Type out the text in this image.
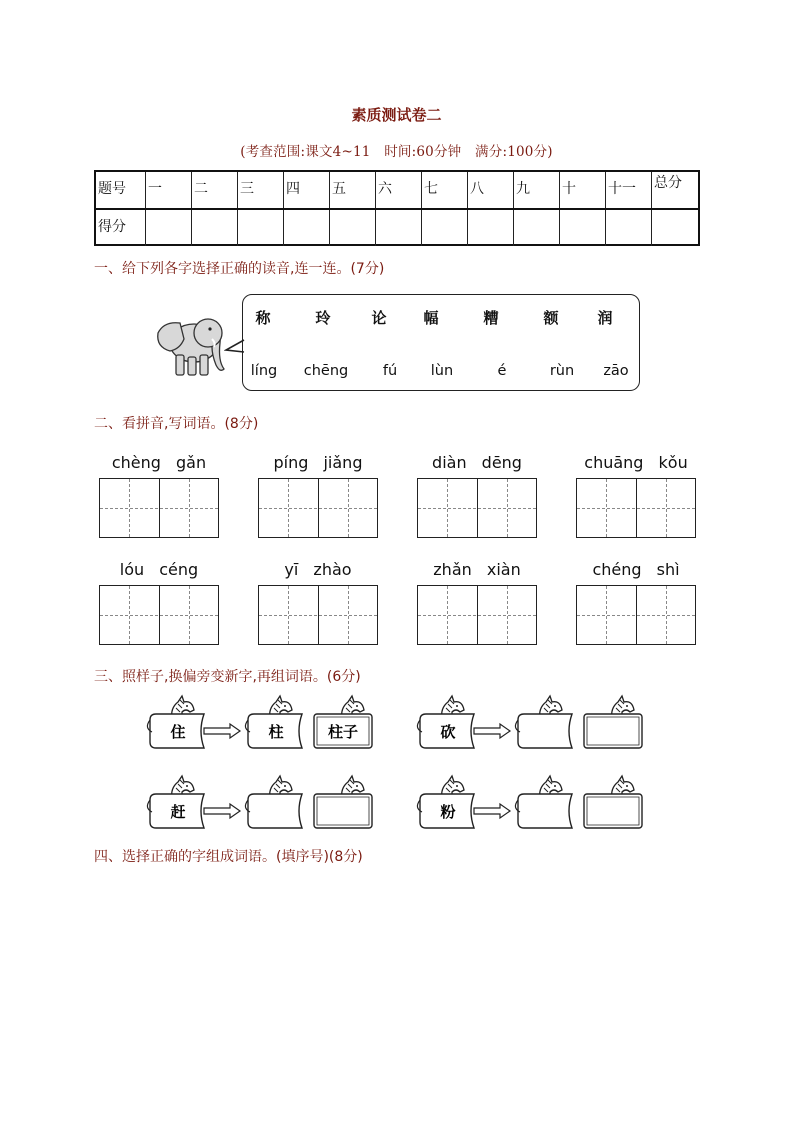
素质测试卷二
(考查范围:课文4~11　时间:60分钟　满分:100分)
题号	一	二	三	四	五	六	七	八	九	十	十一	总分
得分
一、给下列各字选择正确的读音,连一连。(7分)
称	玲	论	幅	糟	额	润
líng	chēng	fú	lùn	é	rùn	zāo
二、看拼音,写词语。(8分)
chèng gǎn	píng jiǎng	diàn dēng	chuāng kǒu
lóu céng	yī zhào	zhǎn xiàn	chéng shì
三、照样子,换偏旁变新字,再组词语。(6分)
住	柱	柱子	砍
赶	粉
四、选择正确的字组成词语。(填序号)(8分)
